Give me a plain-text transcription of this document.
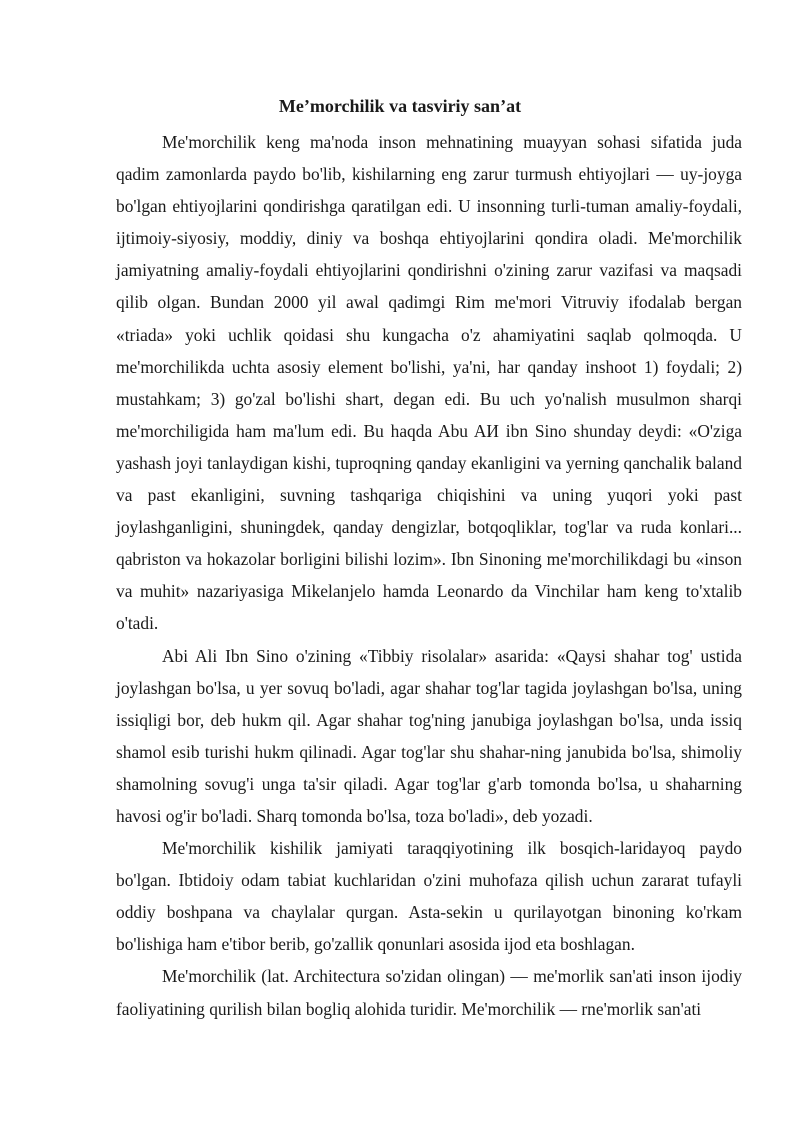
Me’morchilik va tasviriy san’at

Me'morchilik keng ma'noda inson mehnatining muayyan sohasi sifatida juda qadim zamonlarda paydo bo'lib, kishilarning eng zarur turmush ehtiyojlari — uy-joyga bo'lgan ehtiyojlarini qondirishga qaratilgan edi. U insonning turli-tuman amaliy-foydali, ijtimoiy-siyosiy, moddiy, diniy va boshqa ehtiyojlarini qondira oladi. Me'morchilik jamiyatning amaliy-foydali ehtiyojlarini qondirishni o'zining zarur vazifasi va maqsadi qilib olgan. Bundan 2000 yil awal qadimgi Rim me'mori Vitruviy ifodalab bergan «triada» yoki uchlik qoidasi shu kungacha o'z ahamiyatini saqlab qolmoqda. U me'morchilikda uchta asosiy element bo'lishi, ya'ni, har qanday inshoot 1) foydali; 2) mustahkam; 3) go'zal bo'lishi shart, degan edi. Bu uch yo'nalish musulmon sharqi me'morchiligida ham ma'lum edi. Bu haqda Abu AИ ibn Sino shunday deydi: «O'ziga yashash joyi tanlaydigan kishi, tuproqning qanday ekanligini va yerning qanchalik baland va past ekanligini, suvning tashqariga chiqishini va uning yuqori yoki past joylashganligini, shuningdek, qanday dengizlar, botqoqliklar, tog'lar va ruda konlari... qabriston va hokazolar borligini bilishi lozim». Ibn Sinoning me'morchilikdagi bu «inson va muhit» nazariyasiga Mikelanjelo hamda Leonardo da Vinchilar ham keng to'xtalib o'tadi.

Abi Ali Ibn Sino o'zining «Tibbiy risolalar» asarida: «Qaysi shahar tog' ustida joylashgan bo'lsa, u yer sovuq bo'ladi, agar shahar tog'lar tagida joylashgan bo'lsa, uning issiqligi bor, deb hukm qil. Agar shahar tog'ning janubiga joylashgan bo'lsa, unda issiq shamol esib turishi hukm qilinadi. Agar tog'lar shu shahar-ning janubida bo'lsa, shimoliy shamolning sovug'i unga ta'sir qiladi. Agar tog'lar g'arb tomonda bo'lsa, u shaharning havosi og'ir bo'ladi. Sharq tomonda bo'lsa, toza bo'ladi», deb yozadi.

Me'morchilik kishilik jamiyati taraqqiyotining ilk bosqich-laridayoq paydo bo'lgan. Ibtidoiy odam tabiat kuchlaridan o'zini muhofaza qilish uchun zararat tufayli oddiy boshpana va chaylalar qurgan. Asta-sekin u qurilayotgan binoning ko'rkam bo'lishiga ham e'tibor berib, go'zallik qonunlari asosida ijod eta boshlagan.

Me'morchilik (lat. Architectura so'zidan olingan) — me'morlik san'ati inson ijodiy faoliyatining qurilish bilan bogliq alohida turidir. Me'morchilik — rne'morlik san'ati
